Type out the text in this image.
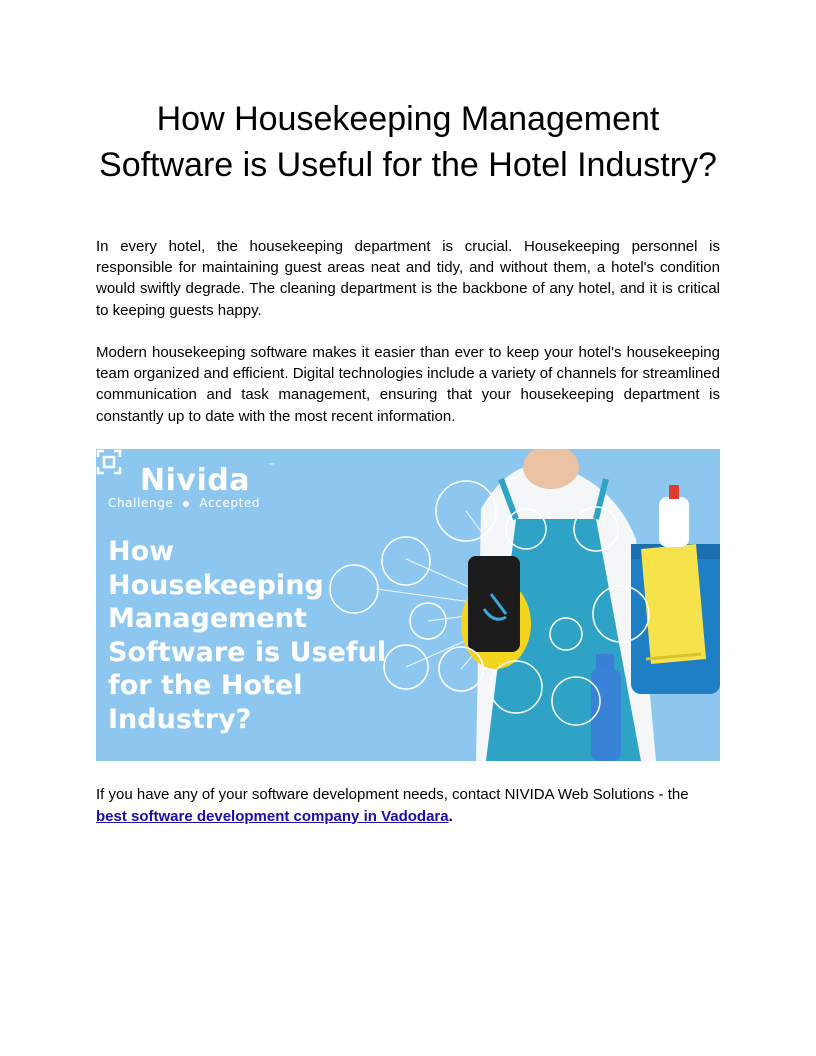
How Housekeeping Management Software is Useful for the Hotel Industry?

In every hotel, the housekeeping department is crucial. Housekeeping personnel is responsible for maintaining guest areas neat and tidy, and without them, a hotel's condition would swiftly degrade. The cleaning department is the backbone of any hotel, and it is critical to keeping guests happy.

Modern housekeeping software makes it easier than ever to keep your hotel's housekeeping team organized and efficient. Digital technologies include a variety of channels for streamlined communication and task management, ensuring that your housekeeping department is constantly up to date with the most recent information.

Nivida	™
Challenge Accepted
How
Housekeeping
Management
Software is Useful
for the Hotel
Industry?

If you have any of your software development needs, contact NIVIDA Web Solutions - the best software development company in Vadodara.
